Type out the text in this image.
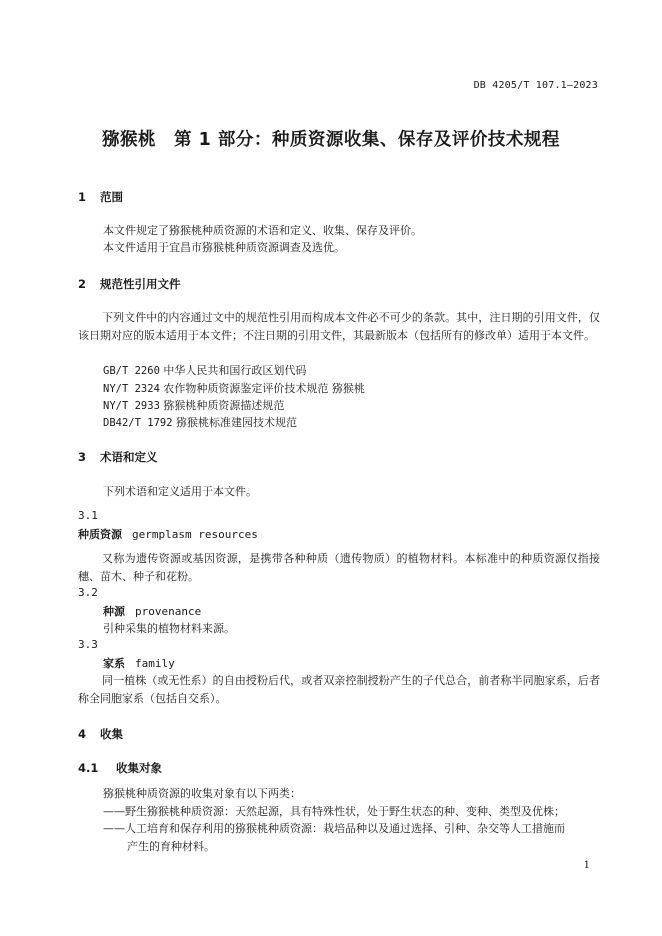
DB 4205/T 107.1—2023
猕猴桃　第 1 部分：种质资源收集、保存及评价技术规程
1 范围
本文件规定了猕猴桃种质资源的术语和定义、收集、保存及评价。
本文件适用于宜昌市猕猴桃种质资源调查及选优。
2 规范性引用文件
下列文件中的内容通过文中的规范性引用而构成本文件必不可少的条款。其中，注日期的引用文件，仅该日期对应的版本适用于本文件；不注日期的引用文件，其最新版本（包括所有的修改单）适用于本文件。
GB/T 2260 中华人民共和国行政区划代码
NY/T 2324 农作物种质资源鉴定评价技术规范 猕猴桃
NY/T 2933 猕猴桃种质资源描述规范
DB42/T 1792 猕猴桃标准建园技术规范
3 术语和定义
下列术语和定义适用于本文件。
3.1
种质资源 germplasm resources
又称为遗传资源或基因资源，是携带各种种质（遗传物质）的植物材料。本标准中的种质资源仅指接穗、苗木、种子和花粉。
3.2
种源 provenance
引种采集的植物材料来源。
3.3
家系 family
同一植株（或无性系）的自由授粉后代，或者双亲控制授粉产生的子代总合，前者称半同胞家系，后者称全同胞家系（包括自交系）。
4 收集
4.1 收集对象
猕猴桃种质资源的收集对象有以下两类：
——野生猕猴桃种质资源：天然起源，具有特殊性状，处于野生状态的种、变种、类型及优株；
——人工培育和保存利用的猕猴桃种质资源：栽培品种以及通过选择、引种、杂交等人工措施而
产生的育种材料。
1
